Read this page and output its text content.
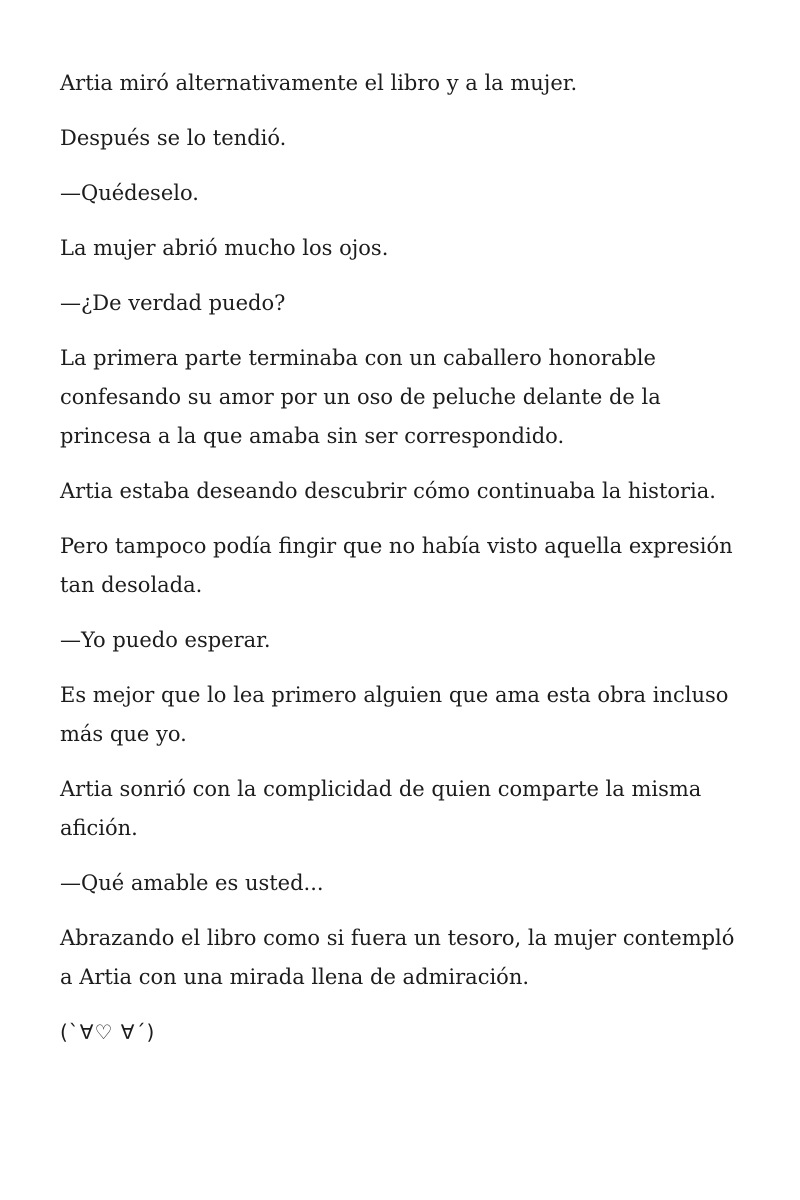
Artia miró alternativamente el libro y a la mujer.

Después se lo tendió.

—Quédeselo.

La mujer abrió mucho los ojos.

—¿De verdad puedo?

La primera parte terminaba con un caballero honorable confesando su amor por un oso de peluche delante de la princesa a la que amaba sin ser correspondido.

Artia estaba deseando descubrir cómo continuaba la historia.

Pero tampoco podía fingir que no había visto aquella expresión tan desolada.

—Yo puedo esperar.

Es mejor que lo lea primero alguien que ama esta obra incluso más que yo.

Artia sonrió con la complicidad de quien comparte la misma afición.

—Qué amable es usted...

Abrazando el libro como si fuera un tesoro, la mujer contempló a Artia con una mirada llena de admiración.

(`∀♡ ∀´)
